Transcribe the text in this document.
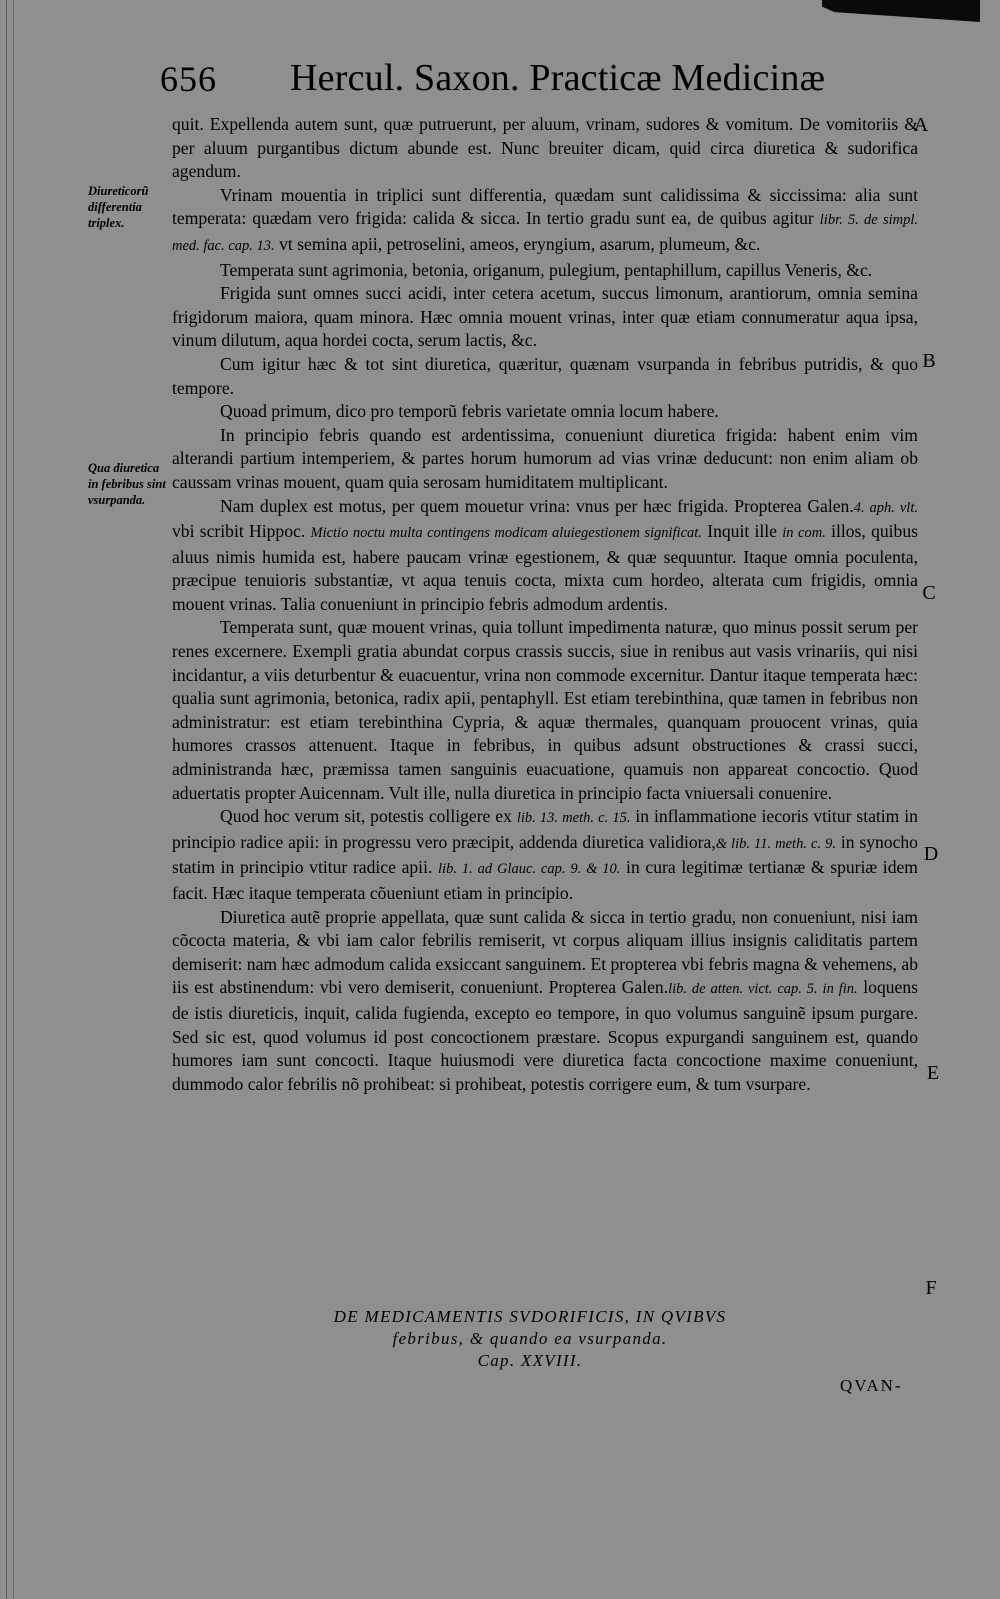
656 Hercul. Saxon. Practicæ Medicinæ
Diureticorũ differentia triplex.
Qua diuretica in febribus sint vsurpanda.
A
B
C
D
E
F

quit. Expellenda autem sunt, quæ putruerunt, per aluum, vrinam, sudores & vomitum. De vomitoriis & per aluum purgantibus dictum abunde est. Nunc breuiter dicam, quid circa diuretica & sudorifica agendum.

Vrinam mouentia in triplici sunt differentia, quædam sunt calidissima & siccissima: alia sunt temperata: quædam vero frigida: calida & sicca. In tertio gradu sunt ea, de quibus agitur libr. 5. de simpl. med. fac. cap. 13. vt semina apii, petroselini, ameos, eryngium, asarum, plumeum, &c.

Temperata sunt agrimonia, betonia, origanum, pulegium, pentaphillum, capillus Veneris, &c.

Frigida sunt omnes succi acidi, inter cetera acetum, succus limonum, arantiorum, omnia semina frigidorum maiora, quam minora. Hæc omnia mouent vrinas, inter quæ etiam connumeratur aqua ipsa, vinum dilutum, aqua hordei cocta, serum lactis, &c.

Cum igitur hæc & tot sint diuretica, quæritur, quænam vsurpanda in febribus putridis, & quo tempore.

Quoad primum, dico pro temporũ febris varietate omnia locum habere.

In principio febris quando est ardentissima, conueniunt diuretica frigida: habent enim vim alterandi partium intemperiem, & partes horum humorum ad vias vrinæ deducunt: non enim aliam ob caussam vrinas mouent, quam quia serosam humiditatem multiplicant.

Nam duplex est motus, per quem mouetur vrina: vnus per hæc frigida. Propterea Galen.4. aph. vlt. vbi scribit Hippoc. Mictio noctu multa contingens modicam aluiegestionem significat. Inquit ille in com. illos, quibus aluus nimis humida est, habere paucam vrinæ egestionem, & quæ sequuntur. Itaque omnia poculenta, præcipue tenuioris substantiæ, vt aqua tenuis cocta, mixta cum hordeo, alterata cum frigidis, omnia mouent vrinas. Talia conueniunt in principio febris admodum ardentis.

Temperata sunt, quæ mouent vrinas, quia tollunt impedimenta naturæ, quo minus possit serum per renes excernere. Exempli gratia abundat corpus crassis succis, siue in renibus aut vasis vrinariis, qui nisi incidantur, a viis deturbentur & euacuentur, vrina non commode excernitur. Dantur itaque temperata hæc: qualia sunt agrimonia, betonica, radix apii, pentaphyll. Est etiam terebinthina, quæ tamen in febribus non administratur: est etiam terebinthina Cypria, & aquæ thermales, quanquam prouocent vrinas, quia humores crassos attenuent. Itaque in febribus, in quibus adsunt obstructiones & crassi succi, administranda hæc, præmissa tamen sanguinis euacuatione, quamuis non appareat concoctio. Quod aduertatis propter Auicennam. Vult ille, nulla diuretica in principio facta vniuersali conuenire.

Quod hoc verum sit, potestis colligere ex lib. 13. meth. c. 15. in inflammatione iecoris vtitur statim in principio radice apii: in progressu vero præcipit, addenda diuretica validiora,& lib. 11. meth. c. 9. in synocho statim in principio vtitur radice apii. lib. 1. ad Glauc. cap. 9. & 10. in cura legitimæ tertianæ & spuriæ idem facit. Hæc itaque temperata cõueniunt etiam in principio.

Diuretica autẽ proprie appellata, quæ sunt calida & sicca in tertio gradu, non conueniunt, nisi iam cõcocta materia, & vbi iam calor febrilis remiserit, vt corpus aliquam illius insignis caliditatis partem demiserit: nam hæc admodum calida exsiccant sanguinem. Et propterea vbi febris magna & vehemens, ab iis est abstinendum: vbi vero demiserit, conueniunt. Propterea Galen.lib. de atten. vict. cap. 5. in fin. loquens de istis diureticis, inquit, calida fugienda, excepto eo tempore, in quo volumus sanguinẽ ipsum purgare. Sed sic est, quod volumus id post concoctionem præstare. Scopus expurgandi sanguinem est, quando humores iam sunt concocti. Itaque huiusmodi vere diuretica facta concoctione maxime conueniunt, dummodo calor febrilis nõ prohibeat: si prohibeat, potestis corrigere eum, & tum vsurpare.

DE MEDICAMENTIS SVDORIFICIS, IN QVIBVS
febribus, & quando ea vsurpanda.
Cap. XXVIII.
QVAN-
